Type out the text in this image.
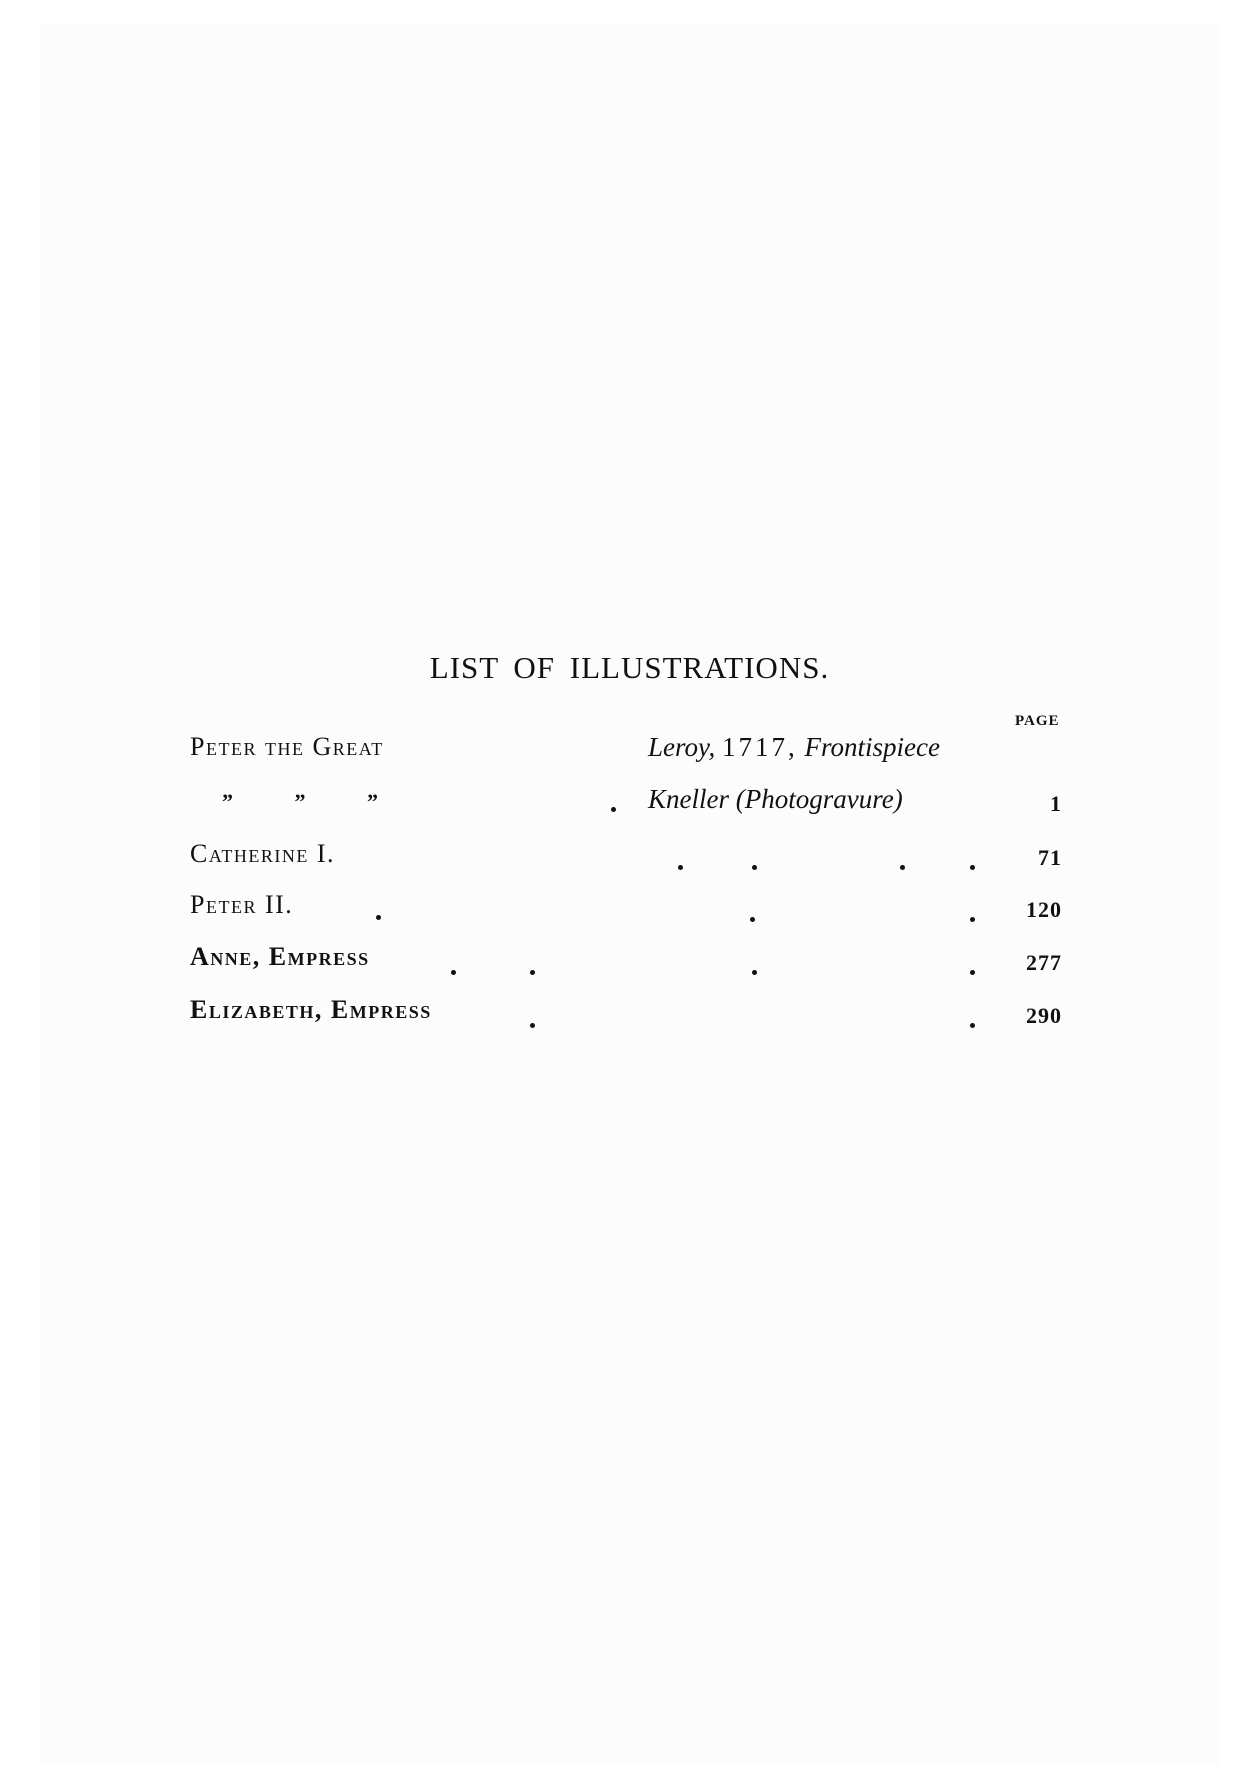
LIST OF ILLUSTRATIONS.
PAGE
Peter the Great	Leroy, 1717, Frontispiece
” ” ”	Kneller (Photogravure)	1
Catherine I.	71
Peter II.	120
Anne, Empress	277
Elizabeth, Empress	290
